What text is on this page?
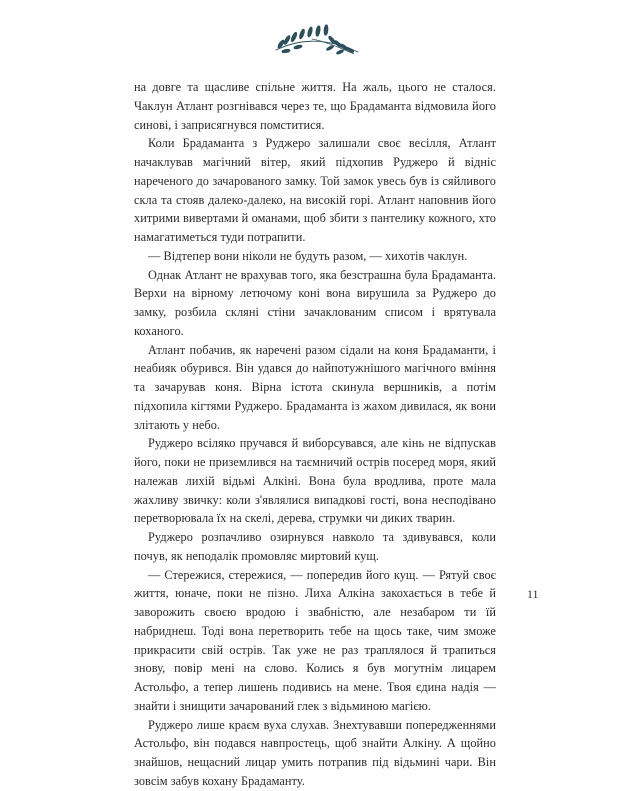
на довге та щасливе спільне життя. На жаль, цього не сталося. Чаклун Атлант розгнівався через те, що Брадаманта відмовила його синові, і заприсягнувся помститися.

Коли Брадаманта з Руджеро залишали своє весілля, Атлант начаклував магічний вітер, який підхопив Руджеро й відніс нареченого до зачарованого замку. Той замок увесь був із сяйливого скла та стояв далеко-далеко, на високій горі. Атлант наповнив його хитрими вивертами й оманами, щоб збити з пантелику кожного, хто намагатиметься туди потрапити.

— Відтепер вони ніколи не будуть разом, — хихотів чаклун.

Однак Атлант не врахував того, яка безстрашна була Брадаманта. Верхи на вірному летючому коні вона вирушила за Руджеро до замку, розбила скляні стіни зачаклованим списом і врятувала коханого.

Атлант побачив, як наречені разом сідали на коня Брадаманти, і неабияк обурився. Він удався до найпотужнішого магічного вміння та зачарував коня. Вірна істота скинула вершників, а потім підхопила кігтями Руджеро. Брадаманта із жахом дивилася, як вони злітають у небо.

Руджеро всіляко пручався й виборсувався, але кінь не відпускав його, поки не приземлився на таємничий острів посеред моря, який належав лихій відьмі Алкіні. Вона була вродлива, проте мала жахливу звичку: коли з'являлися випадкові гості, вона несподівано перетворювала їх на скелі, дерева, струмки чи диких тварин.

Руджеро розпачливо озирнувся навколо та здивувався, коли почув, як неподалік промовляє миртовий кущ.

— Стережися, стережися, — попередив його кущ. — Рятуй своє життя, юначе, поки не пізно. Лиха Алкіна закохається в тебе й заворожить своєю вродою і звабністю, але незабаром ти їй набриднеш. Тоді вона перетворить тебе на щось таке, чим зможе прикрасити свій острів. Так уже не раз траплялося й трапиться знову, повір мені на слово. Колись я був могутнім лицарем Астольфо, а тепер лишень подивись на мене. Твоя єдина надія — знайти і знищити зачарований глек з відьминою магією.

Руджеро лише краєм вуха слухав. Знехтувавши попередженнями Астольфо, він подався навпростець, щоб знайти Алкіну. А щойно знайшов, нещасний лицар умить потрапив під відьмині чари. Він зовсім забув кохану Брадаманту.

11
